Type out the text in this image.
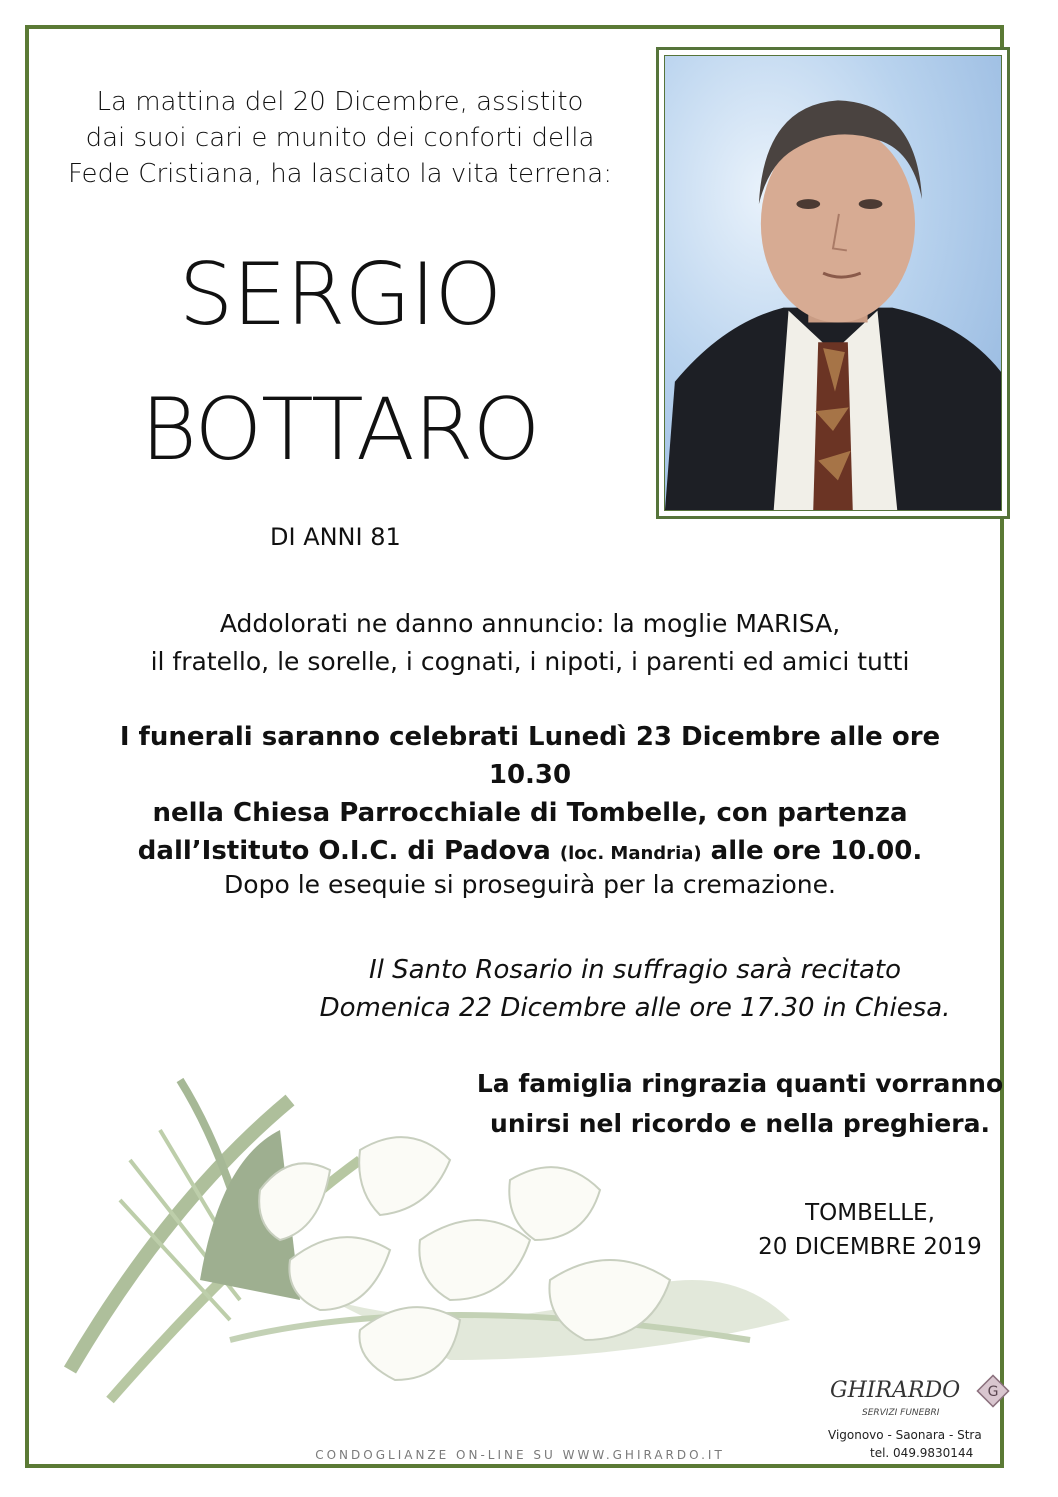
La mattina del 20 Dicembre, assistito
dai suoi cari e munito dei conforti della
Fede Cristiana, ha lasciato la vita terrena:

SERGIO

BOTTARO

DI ANNI 81

Addolorati ne danno annuncio: la moglie MARISA,
il fratello, le sorelle, i cognati, i nipoti, i parenti ed amici tutti

I funerali saranno celebrati Lunedì 23 Dicembre alle ore 10.30
nella Chiesa Parrocchiale di Tombelle, con partenza
dall’Istituto O.I.C. di Padova (loc. Mandria) alle ore 10.00.

Dopo le esequie si proseguirà per la cremazione.

Il Santo Rosario in suffragio sarà recitato
Domenica 22 Dicembre alle ore 17.30 in Chiesa.

La famiglia ringrazia quanti vorranno
unirsi nel ricordo e nella preghiera.

TOMBELLE,
20 DICEMBRE 2019

GHIRARDO
SERVIZI FUNEBRI
G
Vigonovo - Saonara - Stra
tel. 049.9830144

CONDOGLIANZE ON-LINE SU WWW.GHIRARDO.IT
